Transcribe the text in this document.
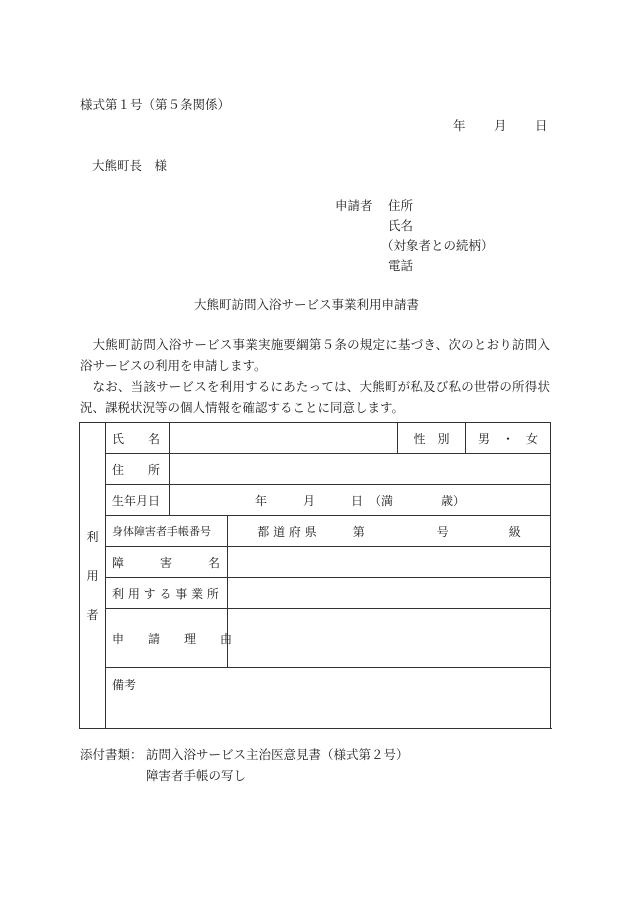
様式第１号（第５条関係）
年 月 日
大熊町長　様
申請者 住所
氏名
（対象者との続柄）
電話
大熊町訪問入浴サービス事業利用申請書

大熊町訪問入浴サービス事業実施要綱第５条の規定に基づき、次のとおり訪問入浴サービスの利用を申請します。

なお、当該サービスを利用するにあたっては、大熊町が私及び私の世帯の所得状況、課税状況等の個人情報を確認することに同意します。

利
用
者	氏　　名			性　別	男　・　女
	住　　所				
	生年月日	年　　　月　　　日　（満　　　　歳）			
	身体障害者手帳番号		都 道 府 県　　　第　　　　　　号　　　　　級		
	障　　　害　　　名				
	利 用 す る 事 業 所				
	申　　請　　理　　由				
	備考				
添付書類： 訪問入浴サービス主治医意見書（様式第２号）
障害者手帳の写し
